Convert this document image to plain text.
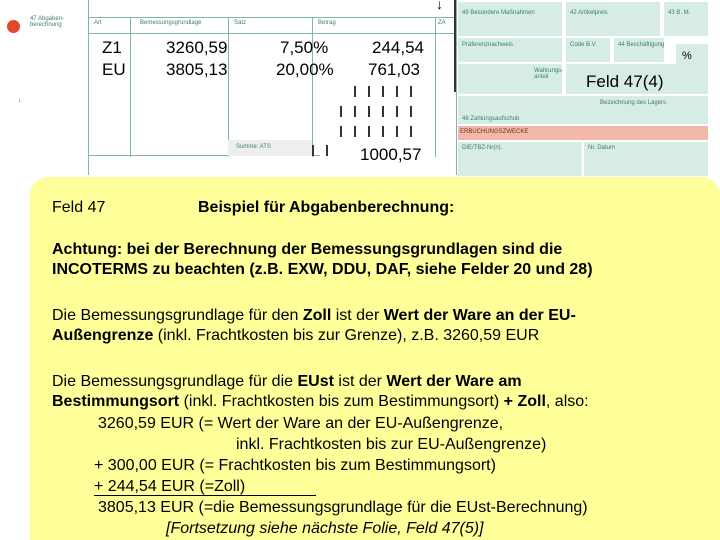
47 Abgaben-
berechnung	Art	Bemessungsgrundlage	Satz	Betrag	ZA
Summe: ATS
49 Besondere Maßnahmen	42 Artikelpreis	43 B. M.
Präferenznachweis	Code B.V.	44 Beschäftigung
Wahrungs-
anteil
Bezeichnung des Lagers
48 Zahlungsaufschub
%
ERBUCHUNGSZWECKE
DIE/TBZ-Nr(n).	Nr. Datum
↓
↓
Z1	3260,59	7,50%	244,54
EU 3805,13	20,00% 761,03
1000,57
Feld 47(4)
Feld 47	Beispiel für Abgabenberechnung:
Achtung: bei der Berechnung der Bemessungsgrundlagen sind die
INCOTERMS zu beachten (z.B. EXW, DDU, DAF, siehe Felder 20 und 28)
Die Bemessungsgrundlage für den Zoll ist der Wert der Ware an der EU-
Außengrenze (inkl. Frachtkosten bis zur Grenze), z.B. 3260,59 EUR
Die Bemessungsgrundlage für die EUst ist der Wert der Ware am
Bestimmungsort (inkl. Frachtkosten bis zum Bestimmungsort) + Zoll, also:
3260,59 EUR (= Wert der Ware an der EU-Außengrenze,
inkl. Frachtkosten bis zur EU-Außengrenze)
+ 300,00 EUR (= Frachtkosten bis zum Bestimmungsort)
+ 244,54 EUR (=Zoll)
3805,13 EUR (=die Bemessungsgrundlage für die EUst-Berechnung)
[Fortsetzung siehe nächste Folie, Feld 47(5)]
